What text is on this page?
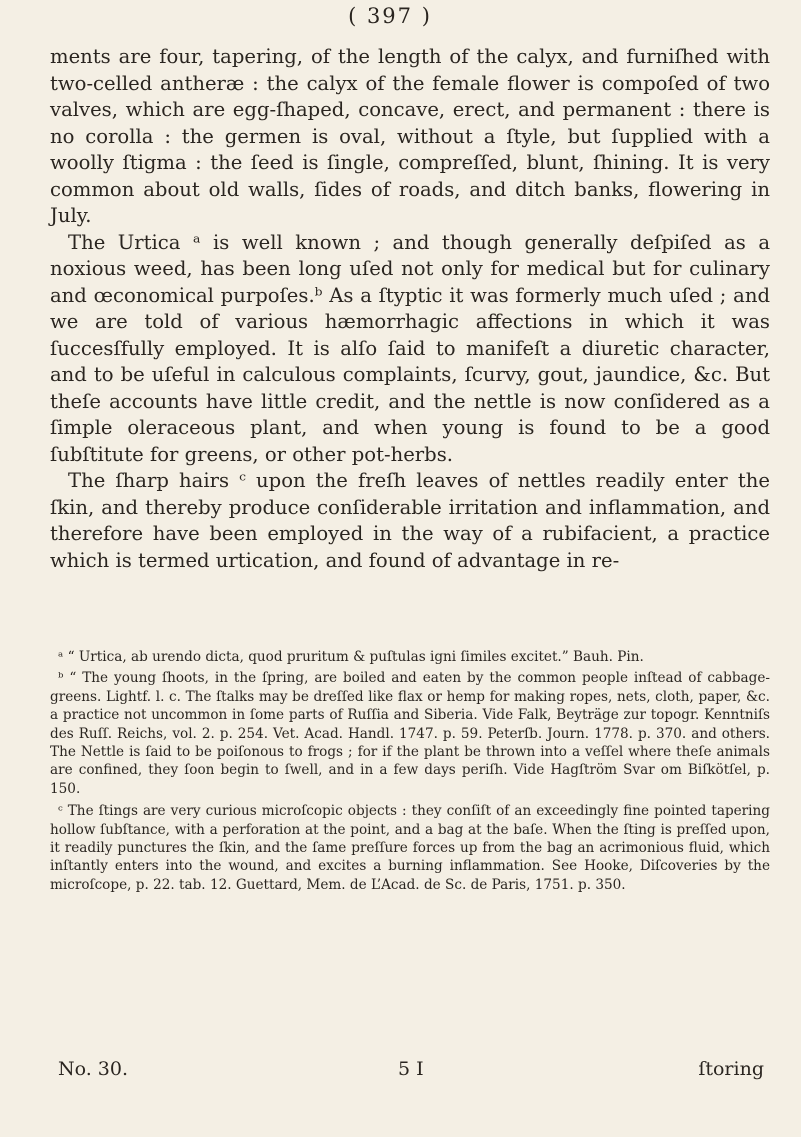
( 397 )

ments are four, tapering, of the length of the calyx, and furniſhed with two-celled antheræ : the calyx of the female flower is compoſed of two valves, which are egg-ſhaped, concave, erect, and permanent : there is no corolla : the germen is oval, without a ſtyle, but ſupplied with a woolly ſtigma : the ſeed is ſingle, compreſſed, blunt, ſhining. It is very common about old walls, ſides of roads, and ditch banks, flowering in July.

The Urtica ᵃ is well known ; and though generally deſpiſed as a noxious weed, has been long uſed not only for medical but for culinary and œconomical purpoſes.ᵇ As a ſtyptic it was formerly much uſed ; and we are told of various hæmorrhagic affections in which it was ſuccesſfully employed. It is alſo ſaid to manifeſt a diuretic character, and to be uſeful in calculous complaints, ſcurvy, gout, jaundice, &c. But theſe accounts have little credit, and the nettle is now conſidered as a ſimple oleraceous plant, and when young is found to be a good ſubſtitute for greens, or other pot-herbs.

The ſharp hairs ᶜ upon the freſh leaves of nettles readily enter the ſkin, and thereby produce conſiderable irritation and inflammation, and therefore have been employed in the way of a rubifacient, a practice which is termed urtication, and found of advantage in re-

ᵃ “ Urtica, ab urendo dicta, quod pruritum & puſtulas igni ſimiles excitet.” Bauh. Pin.

ᵇ “ The young ſhoots, in the ſpring, are boiled and eaten by the common people inſtead of cabbage-greens. Lightf. l. c. The ſtalks may be dreſſed like flax or hemp for making ropes, nets, cloth, paper, &c. a practice not uncommon in ſome parts of Ruſſia and Siberia. Vide Falk, Beyträge zur topogr. Kenntniſs des Ruſſ. Reichs, vol. 2. p. 254. Vet. Acad. Handl. 1747. p. 59. Peterſb. Journ. 1778. p. 370. and others. The Nettle is ſaid to be poiſonous to frogs ; for if the plant be thrown into a veſſel where theſe animals are confined, they ſoon begin to ſwell, and in a few days periſh. Vide Hagſtröm Svar om Biſkötſel, p. 150.

ᶜ The ſtings are very curious microſcopic objects : they conſiſt of an exceedingly fine pointed tapering hollow ſubſtance, with a perforation at the point, and a bag at the baſe. When the ſting is preſſed upon, it readily punctures the ſkin, and the ſame preſſure forces up from the bag an acrimonious fluid, which inſtantly enters into the wound, and excites a burning inflammation. See Hooke, Diſcoveries by the microſcope, p. 22. tab. 12. Guettard, Mem. de L’Acad. de Sc. de Paris, 1751. p. 350.

No. 30.	5 I	ſtoring
